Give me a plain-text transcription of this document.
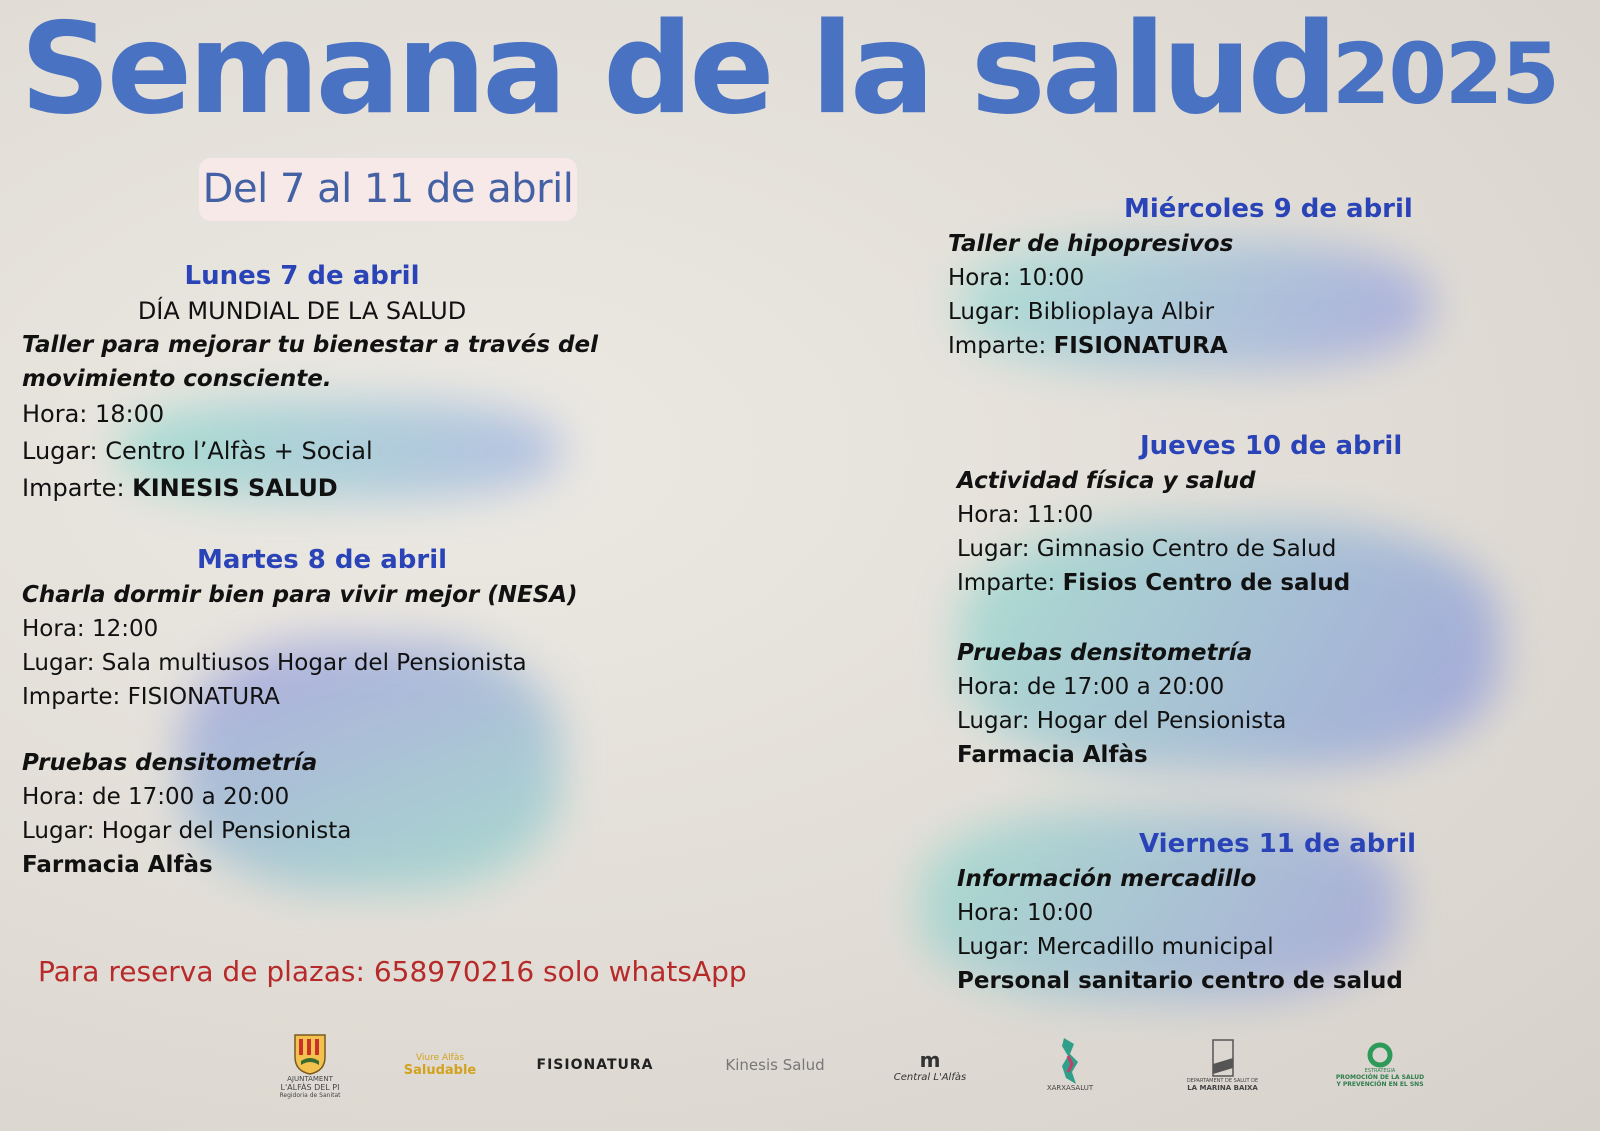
Semana de la salud
2025
Del 7 al 11 de abril
Lunes 7 de abril
DÍA MUNDIAL DE LA SALUD
Taller para mejorar tu bienestar a través del
movimiento consciente.
Hora: 18:00
Lugar: Centro l’Alfàs + Social
Imparte: KINESIS SALUD
Martes 8 de abril
Charla dormir bien para vivir mejor (NESA)
Hora: 12:00
Lugar: Sala multiusos Hogar del Pensionista
Imparte: FISIONATURA
Pruebas densitometría
Hora: de 17:00 a 20:00
Lugar: Hogar del Pensionista
Farmacia Alfàs
Para reserva de plazas: 658970216 solo whatsApp
Miércoles 9 de abril
Taller de hipopresivos
Hora: 10:00
Lugar: Biblioplaya Albir
Imparte: FISIONATURA
Jueves 10 de abril
Actividad física y salud
Hora: 11:00
Lugar: Gimnasio Centro de Salud
Imparte: Fisios Centro de salud
Pruebas densitometría
Hora: de 17:00 a 20:00
Lugar: Hogar del Pensionista
Farmacia Alfàs
Viernes 11 de abril
Información mercadillo
Hora: 10:00
Lugar: Mercadillo municipal
Personal sanitario centro de salud
AJUNTAMENT
L'ALFÀS DEL PI
Regidoria de Sanitat
Viure Alfàs
Saludable	FISIONATURA	Kinesis Salud	m
Central L'Alfàs
XARXASALUT
DEPARTAMENT DE SALUT DE
LA MARINA BAIXA
ESTRATEGIA
PROMOCIÓN DE LA SALUD
Y PREVENCIÓN EN EL SNS
